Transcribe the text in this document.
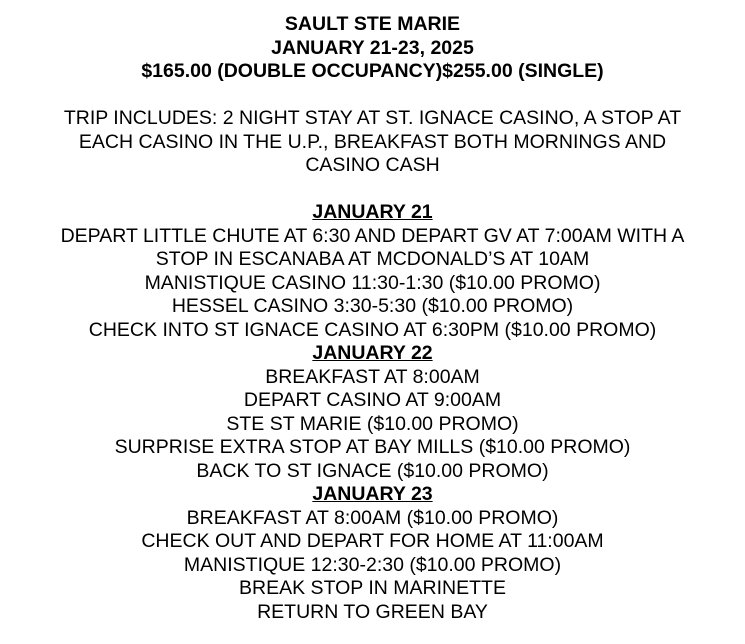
SAULT STE MARIE
JANUARY 21-23, 2025
$165.00 (DOUBLE OCCUPANCY)$255.00 (SINGLE)
TRIP INCLUDES: 2 NIGHT STAY AT ST. IGNACE CASINO, A STOP AT
EACH CASINO IN THE U.P., BREAKFAST BOTH MORNINGS AND
CASINO CASH
JANUARY 21
DEPART LITTLE CHUTE AT 6:30 AND DEPART GV AT 7:00AM WITH A
STOP IN ESCANABA AT MCDONALD’S AT 10AM
MANISTIQUE CASINO 11:30-1:30 ($10.00 PROMO)
HESSEL CASINO 3:30-5:30 ($10.00 PROMO)
CHECK INTO ST IGNACE CASINO AT 6:30PM ($10.00 PROMO)
JANUARY 22
BREAKFAST AT 8:00AM
DEPART CASINO AT 9:00AM
STE ST MARIE ($10.00 PROMO)
SURPRISE EXTRA STOP AT BAY MILLS ($10.00 PROMO)
BACK TO ST IGNACE ($10.00 PROMO)
JANUARY 23
BREAKFAST AT 8:00AM ($10.00 PROMO)
CHECK OUT AND DEPART FOR HOME AT 11:00AM
MANISTIQUE 12:30-2:30 ($10.00 PROMO)
BREAK STOP IN MARINETTE
RETURN TO GREEN BAY
